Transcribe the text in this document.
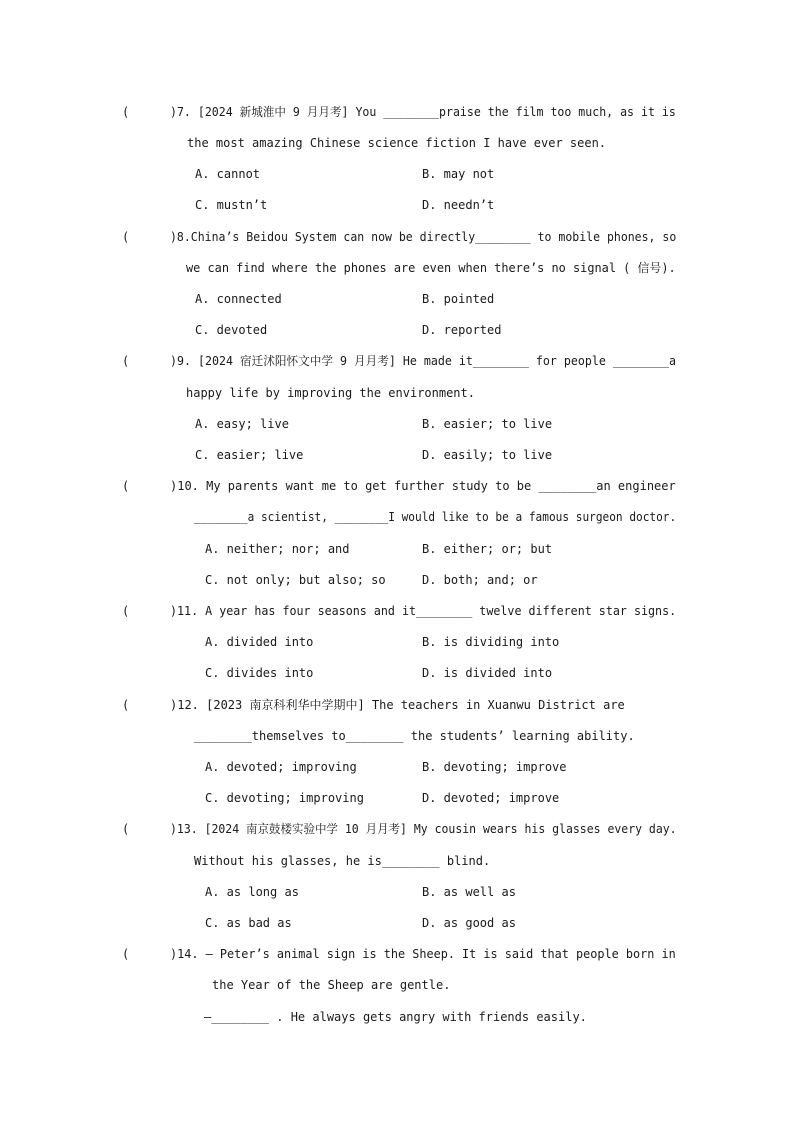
(	)7. [2024 新城淮中 9 月月考] You ________praise the film too much, as it is
the most amazing Chinese science fiction I have ever seen.
A. cannot	B. may not
C. mustn’t	D. needn’t
(	)8.China’s Beidou System can now be directly________ to mobile phones, so
we can find where the phones are even when there’s no signal ( 信号).
A. connected	B. pointed
C. devoted	D. reported
(	)9. [2024 宿迁沭阳怀文中学 9 月月考] He made it________ for people ________a
happy life by improving the environment.
A. easy; live	B. easier; to live
C. easier; live	D. easily; to live
(	)10. My parents want me to get further study to be ________an engineer
________a scientist, ________I would like to be a famous surgeon doctor.
A. neither; nor; and	B. either; or; but
C. not only; but also; so	D. both; and; or
(	)11. A year has four seasons and it________ twelve different star signs.
A. divided into	B. is dividing into
C. divides into	D. is divided into
(	)12. [2023 南京科利华中学期中] The teachers in Xuanwu District are
________themselves to________ the students’ learning ability.
A. devoted; improving	B. devoting; improve
C. devoting; improving	D. devoted; improve
(	)13. [2024 南京鼓楼实验中学 10 月月考] My cousin wears his glasses every day.
Without his glasses, he is________ blind.
A. as long as	B. as well as
C. as bad as	D. as good as
(	)14. — Peter’s animal sign is the Sheep. It is said that people born in
the Year of the Sheep are gentle.
—________ . He always gets angry with friends easily.
